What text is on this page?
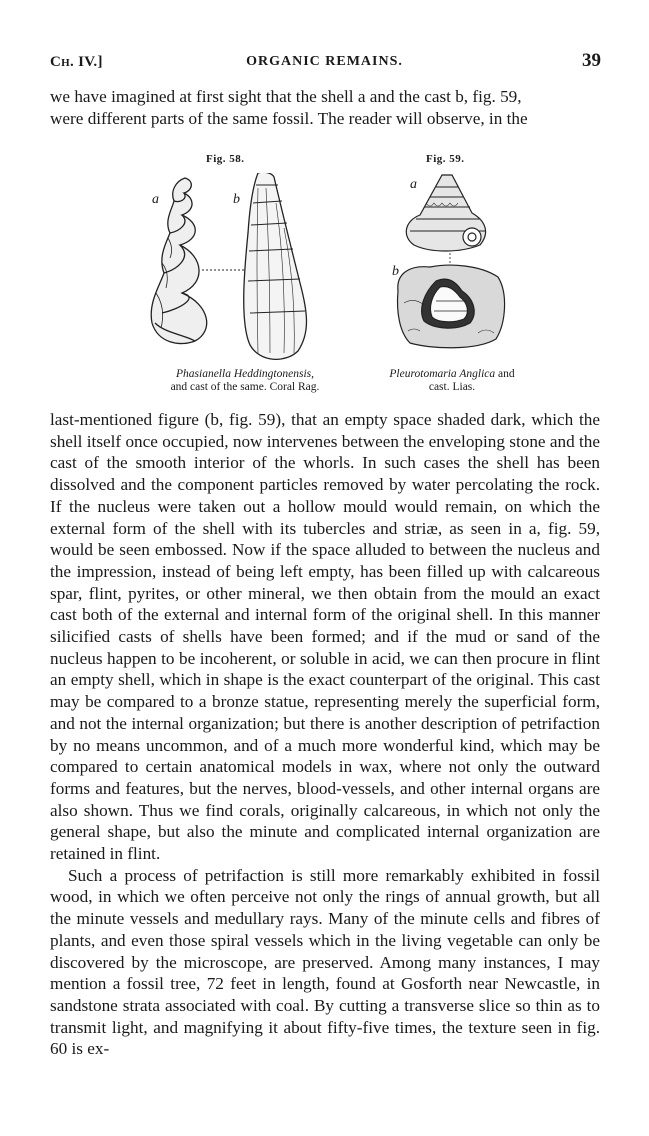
Ch. IV.]	ORGANIC REMAINS.	39
we have imagined at first sight that the shell a and the cast b, fig. 59,
were different parts of the same fossil. The reader will observe, in the
Fig. 58.
a	b
Phasianella Heddingtonensis,
and cast of the same. Coral Rag.
Fig. 59.
a
b
Pleurotomaria Anglica and
cast. Lias.

last-mentioned figure (b, fig. 59), that an empty space shaded dark, which the shell itself once occupied, now intervenes between the enveloping stone and the cast of the smooth interior of the whorls. In such cases the shell has been dissolved and the component particles removed by water percolating the rock. If the nucleus were taken out a hollow mould would remain, on which the external form of the shell with its tubercles and striæ, as seen in a, fig. 59, would be seen embossed. Now if the space alluded to between the nucleus and the impression, instead of being left empty, has been filled up with calcareous spar, flint, pyrites, or other mineral, we then obtain from the mould an exact cast both of the external and internal form of the original shell. In this manner silicified casts of shells have been formed; and if the mud or sand of the nucleus happen to be incoherent, or soluble in acid, we can then procure in flint an empty shell, which in shape is the exact counterpart of the original. This cast may be compared to a bronze statue, representing merely the superficial form, and not the internal organization; but there is another description of petrifaction by no means uncommon, and of a much more wonderful kind, which may be compared to certain anatomical models in wax, where not only the outward forms and features, but the nerves, blood-vessels, and other internal organs are also shown. Thus we find corals, originally calcareous, in which not only the general shape, but also the minute and complicated internal organization are retained in flint.

Such a process of petrifaction is still more remarkably exhibited in fossil wood, in which we often perceive not only the rings of annual growth, but all the minute vessels and medullary rays. Many of the minute cells and fibres of plants, and even those spiral vessels which in the living vegetable can only be discovered by the microscope, are preserved. Among many instances, I may mention a fossil tree, 72 feet in length, found at Gosforth near Newcastle, in sandstone strata associated with coal. By cutting a transverse slice so thin as to transmit light, and magnifying it about fifty-five times, the texture seen in fig. 60 is ex-
